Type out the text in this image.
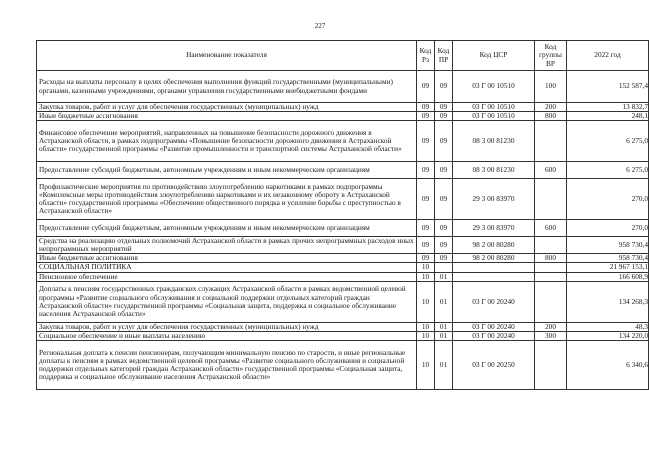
227
Наименование показателя	Код Рз	Код ПР	Код ЦСР	Код группы ВР	2022 год
Расходы на выплаты персоналу в целях обеспечения выполнения функций государственными (муниципальными) органами, казенными учреждениями, органами управления государственными внебюджетными фондами	09	09	03 Г 00 10510	100	152 587,4
Закупка товаров, работ и услуг для обеспечения государственных (муниципальных) нужд	09	09	03 Г 00 10510	200	13 832,7
Иные бюджетные ассигнования	09	09	03 Г 00 10510	800	248,1
Финансовое обеспечение мероприятий, направленных на повышение безопасности дорожного движения в Астраханской области, в рамках подпрограммы «Повышение безопасности дорожного движения в Астраханской области» государственной программы «Развитие промышленности и транспортной системы Астраханской области»	09	09	08 3 00 81230		6 275,0
Предоставление субсидий бюджетным, автономным учреждениям и иным некоммерческим организациям	09	09	08 3 00 81230	600	6 275,0
Профилактические мероприятия по противодействию злоупотреблению наркотиками в рамках подпрограммы «Комплексные меры противодействия злоупотреблению наркотиками и их незаконному обороту в Астраханской области» государственной программы «Обеспечение общественного порядка и усиление борьбы с преступностью в Астраханской области»	09	09	29 3 00 83970		270,0
Предоставление субсидий бюджетным, автономным учреждениям и иным некоммерческим организациям	09	09	29 3 00 83970	600	270,0
Средства на реализацию отдельных полномочий Астраханской области в рамках прочих непрограммных расходов иных непрограммных мероприятий	09	09	98 2 00 80280		958 730,4
Иные бюджетные ассигнования	09	09	98 2 00 80280	800	958 730,4
СОЦИАЛЬНАЯ ПОЛИТИКА	10				21 967 153,1
Пенсионное обеспечение	10	01			166 608,9
Доплаты к пенсиям государственных гражданских служащих Астраханской области в рамках ведомственной целевой программы «Развитие социального обслуживания и социальной поддержки отдельных категорий граждан Астраханской области» государственной программы «Социальная защита, поддержка и социальное обслуживание населения Астраханской области»	10	01	03 Г 00 20240		134 268,3
Закупка товаров, работ и услуг для обеспечения государственных (муниципальных) нужд	10	01	03 Г 00 20240	200	48,3
Социальное обеспечение и иные выплаты населению	10	01	03 Г 00 20240	300	134 220,0
Региональная доплата к пенсии пенсионерам, получающим минимальную пенсию по старости, и иные региональные доплаты к пенсиям в рамках ведомственной целевой программы «Развитие социального обслуживания и социальной поддержки отдельных категорий граждан Астраханской области» государственной программы «Социальная защита, поддержка и социальное обслуживание населения Астраханской области»	10	01	03 Г 00 20250		6 340,6
